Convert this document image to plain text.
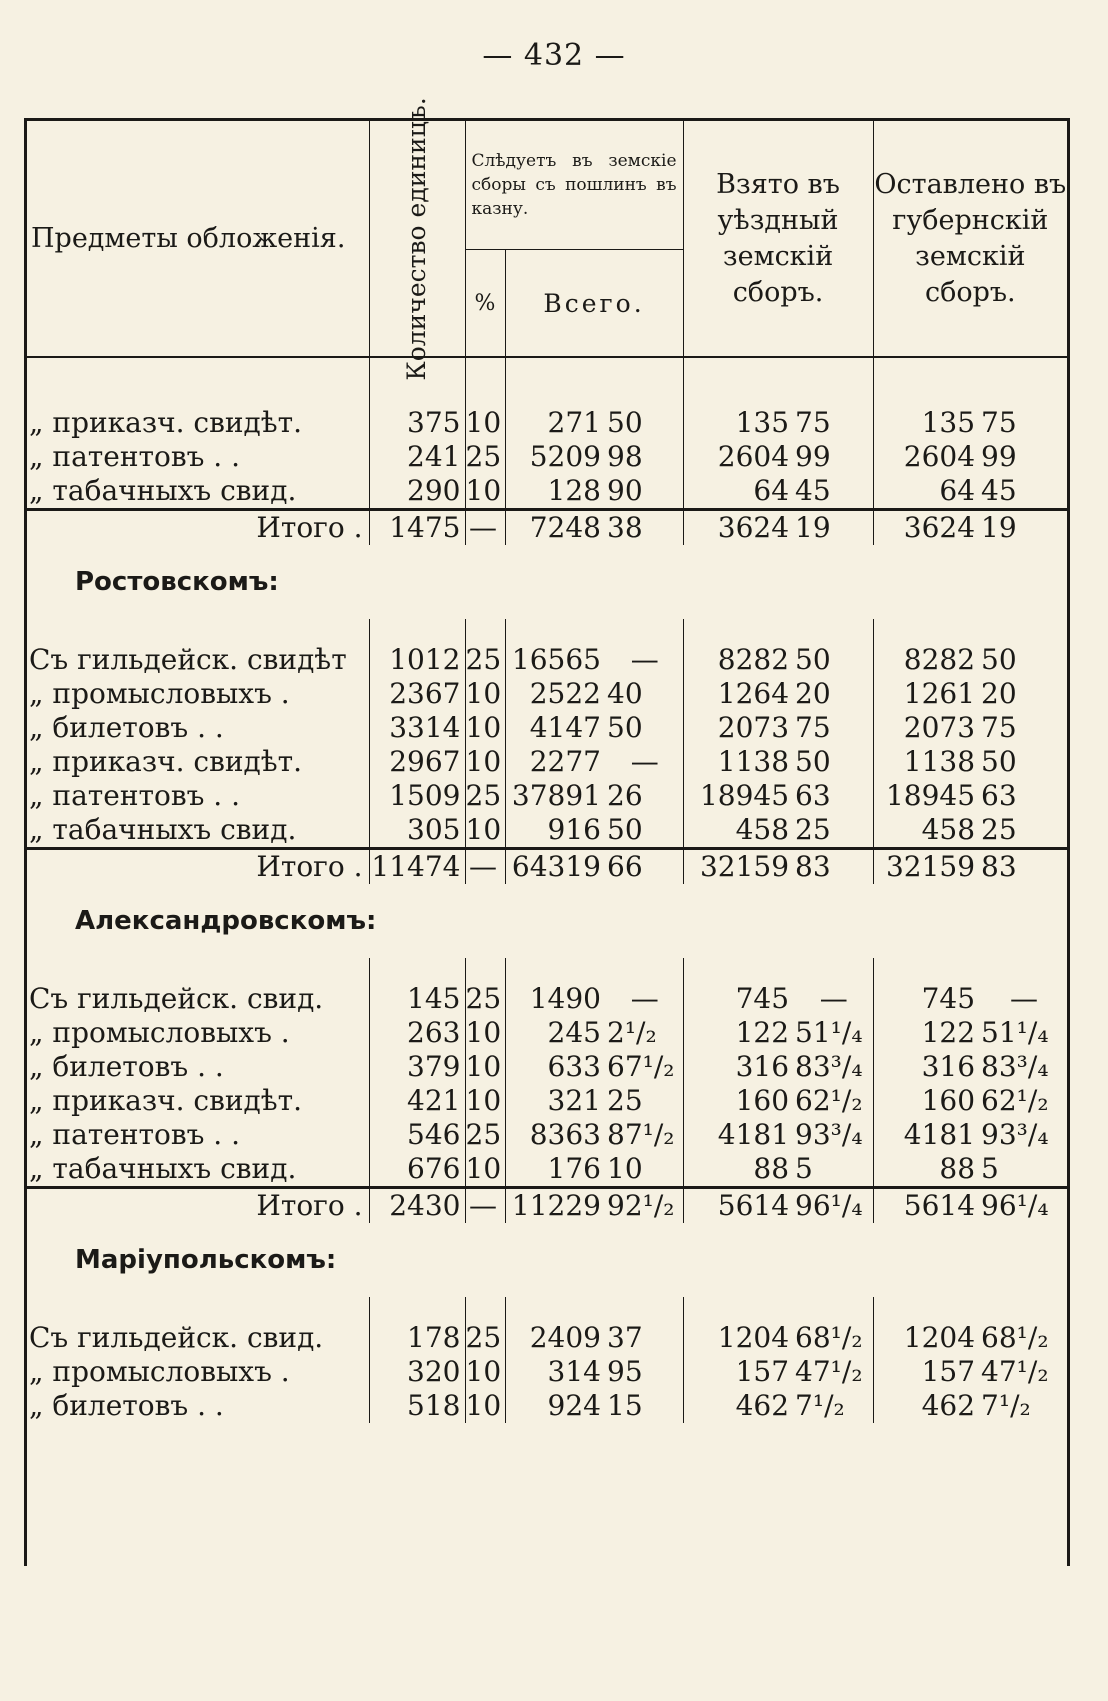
— 432 —
Предметы обложенія.	Количество единицъ.	Слѣдуетъ въ земскіе сборы съ пошлинъ въ казну.			Взято въ уѣздный земскій сборъ.		Оставлено въ губернскій земскій сборъ.	
		%	Всего.					

„ приказч. свидѣт.	375	10	271	50	135	75	135	75
„ патентовъ . .	241	25	5209	98	2604	99	2604	99
„ табачныхъ свид.	290	10	128	90	64	45	64	45
Итого .	1475	—	7248	38	3624	19	3624	19
Ростовскомъ:								

Съ гильдейск. свидѣт	1012	25	16565	—	8282	50	8282	50
„ промысловыхъ .	2367	10	2522	40	1264	20	1261	20
„ билетовъ . .	3314	10	4147	50	2073	75	2073	75
„ приказч. свидѣт.	2967	10	2277	—	1138	50	1138	50
„ патентовъ . .	1509	25	37891	26	18945	63	18945	63
„ табачныхъ свид.	305	10	916	50	458	25	458	25
Итого .	11474	—	64319	66	32159	83	32159	83
Александровскомъ:								

Съ гильдейск. свид.	145	25	1490	—	745	—	745	—
„ промысловыхъ .	263	10	245	2¹/₂	122	51¹/₄	122	51¹/₄
„ билетовъ . .	379	10	633	67¹/₂	316	83³/₄	316	83³/₄
„ приказч. свидѣт.	421	10	321	25	160	62¹/₂	160	62¹/₂
„ патентовъ . .	546	25	8363	87¹/₂	4181	93³/₄	4181	93³/₄
„ табачныхъ свид.	676	10	176	10	88	5	88	5
Итого .	2430	—	11229	92¹/₂	5614	96¹/₄	5614	96¹/₄
Маріупольскомъ:								

Съ гильдейск. свид.	178	25	2409	37	1204	68¹/₂	1204	68¹/₂
„ промысловыхъ .	320	10	314	95	157	47¹/₂	157	47¹/₂
„ билетовъ . .	518	10	924	15	462	7¹/₂	462	7¹/₂
